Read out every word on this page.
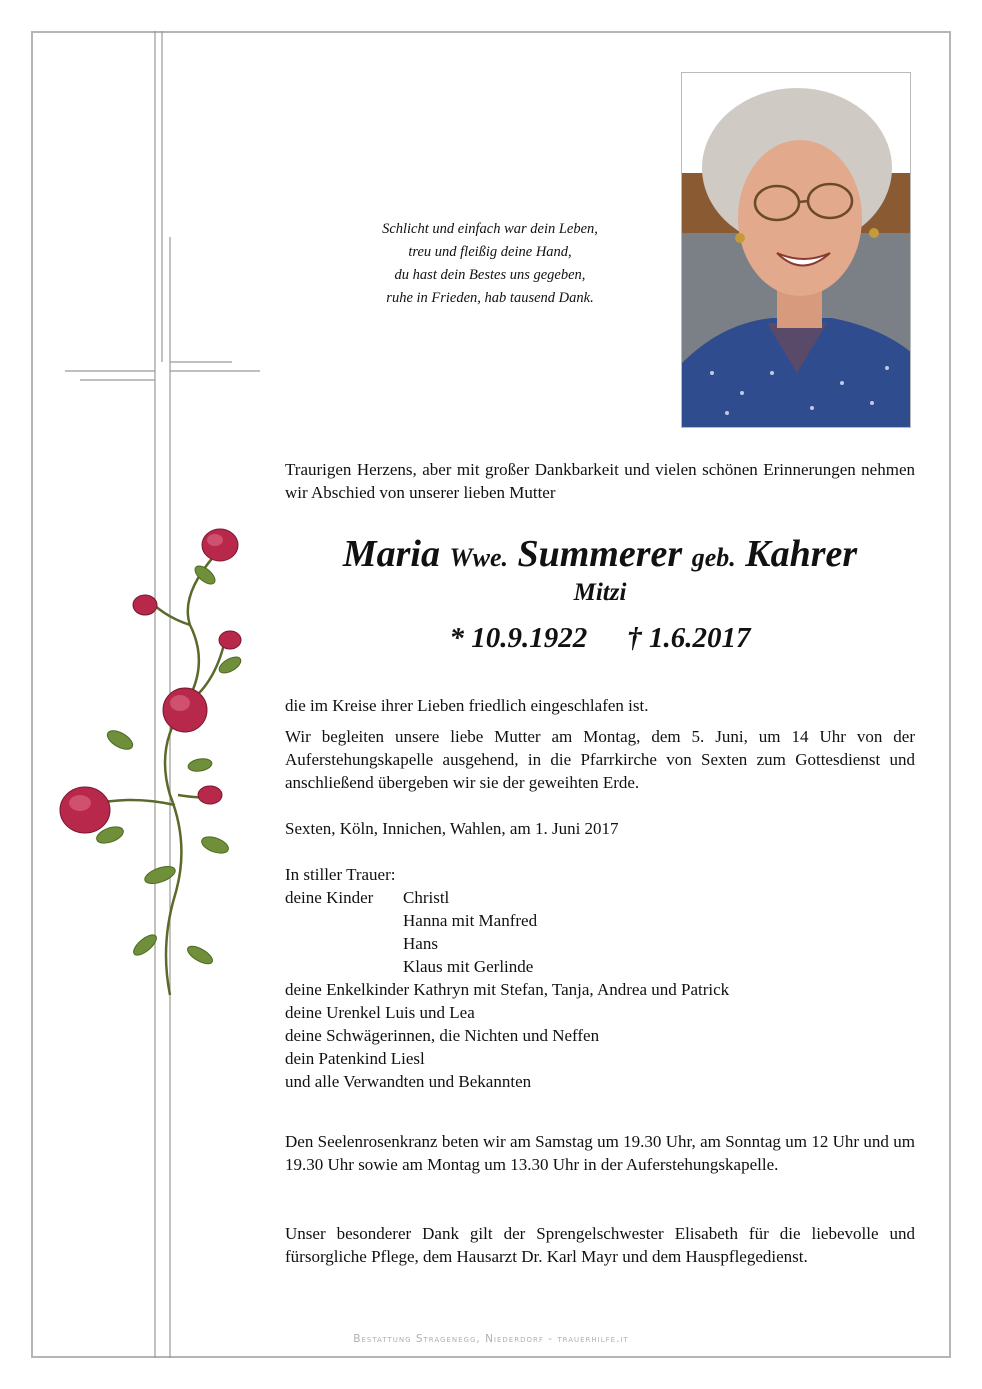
Schlicht und einfach war dein Leben,
treu und fleißig deine Hand,
du hast dein Bestes uns gegeben,
ruhe in Frieden, hab tausend Dank.
Traurigen Herzens, aber mit großer Dankbarkeit und vielen schönen Erinnerungen nehmen wir Abschied von unserer lieben Mutter
Maria Wwe. Summerer geb. Kahrer
Mitzi
* 10.9.1922 † 1.6.2017
die im Kreise ihrer Lieben friedlich eingeschlafen ist.
Wir begleiten unsere liebe Mutter am Montag, dem 5. Juni, um 14 Uhr von der Auferstehungskapelle ausgehend, in die Pfarrkirche von Sexten zum Gottesdienst und anschließend übergeben wir sie der geweihten Erde.
Sexten, Köln, Innichen, Wahlen, am 1. Juni 2017
In stiller Trauer:
deine Kinder Christl
Hanna mit Manfred
Hans
Klaus mit Gerlinde
deine Enkelkinder Kathryn mit Stefan, Tanja, Andrea und Patrick
deine Urenkel Luis und Lea
deine Schwägerinnen, die Nichten und Neffen
dein Patenkind Liesl
und alle Verwandten und Bekannten
Den Seelenrosenkranz beten wir am Samstag um 19.30 Uhr, am Sonntag um 12 Uhr und um 19.30 Uhr sowie am Montag um 13.30 Uhr in der Auferstehungskapelle.
Unser besonderer Dank gilt der Sprengelschwester Elisabeth für die liebevolle und fürsorgliche Pflege, dem Hausarzt Dr. Karl Mayr und dem Hauspflegedienst.
Bestattung Stragenegg, Niederdorf - trauerhilfe.it
